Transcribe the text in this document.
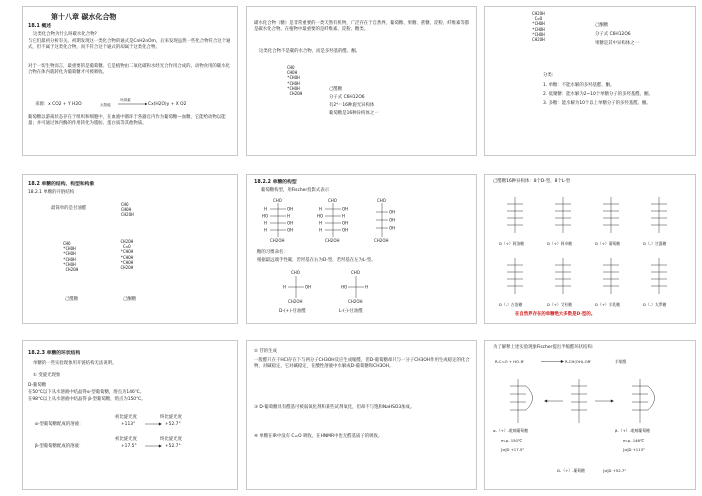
第十八章 碳水化合物
18.1 概述
这类化合物为什么叫碳水化合物?
与它们最初分析有关。初期发现这一类化合物的通式是CnH2nOm，后来发现虽然一些化合物符合这个通式，但不属于这类化合物，而不符合这个通式的却属于这类化合物。
对于一切生物而言，最重要的是葡萄糖。它是植物由二氧化碳和水经光合作用合成的。动物食用的碳水化合物在体内就转化为葡萄糖才可被吸收。
来源：x CO2 + Y H2O
叶绿素
太阳能	Cx(H2O)y + X O2
葡萄糖以游离状态存在于组织和细胞中，在血液中循环于各器官内作为葡萄糖—血糖，它能给动物以能量；并可通过体内酶的作用转化为脂肪、蛋白质等其他物质。
碳水化合物（糖）是非常重要的一类天然有机物，广泛存在于自然界，葡萄糖、果糖、蔗糖、淀粉、纤维素等都是碳水化合物。在植物中最重要的是纤维素、淀粉、糖类。
这类化合物不是碳的水合物，而是多羟基的醛、酮。
CHO
CHOH
*CHOH
*CHOH
*CHOH
CH2OH
己醛糖
分子式 C6H12O6
有2⁴＝16种旋光异构体
葡萄糖是16种异构体之一
CH2OH
C=O
*CHOH
*CHOH
*CHOH
CH2OH
己酮糖
分子式 C6H12O6
果糖是其中异构体之一
分类:
1. 单糖：不能水解的多羟基醛、酮。
2. 低聚糖：能水解为2~10个单糖分子的多羟基醛、酮。
3. 多糖：能水解为10个以上单糖分子的多羟基醛、酮。
18.2 单糖的结构、构型和构象
18.2.1 单糖的开链结构
最简单的是甘油醛
CHO
CHOH
CH2OH
CHO
*CHOH
*CHOH
*CHOH
*CHOH
CH2OH
己醛糖
CH2OH
C=O
*CHOH
*CHOH
*CHOH
CH2OH
己酮糖
18.2.2 单糖的构型
葡萄糖构型，用Fischer投影式表示
CHO
H	OH
HO	H
H	OH
H	OH
CH2OH
CHO
H	OH
HO	H
H	OH
H	OH
CH2OH
CHO
OH
OH
OH
CH2OH
CHO
H	OH
CH2OH
CHO
HO	H
CH2OH
糖的习惯命名：
根据最远端手性碳，若羟基在右为D-型，若羟基在左为L-型。
D-(+)-甘油醛	L-(-)-甘油醛
己醛糖16种异构体：8个D-型，8个L-型
D（+）阿洛糖	D（+）阿卓糖	D（+）葡萄糖	D（-）甘露糖
D（-）古洛糖	D（+）艾杜糖	D（+）半乳糖	D（-）太罗糖
在自然界存在的单糖绝大多数是D-型的。
18.2.3 单糖的环状结构
单糖的一些实验现象用开链结构无法说明。
① 变旋光现象
D-葡萄糖
在50℃以下从水溶液中结晶得α-型葡萄糖，熔点为146℃。
在98℃以上从水溶液中结晶得 β-型葡萄糖，熔点为150℃。
α-型葡萄糖配成的溶液：
初比旋光度	终比旋光度
+113°	+52.7°
β-型葡萄糖配成的溶液：
初比旋光度	终比旋光度
+17.5°	+52.7°
② 苷的生成
一般醛只在干HCl存在下与两分子CH3OH反应生成缩醛，但D-葡萄糖却只与一分子CH3OH作用生成稳定的化合物，对碱稳定，它对碱稳定，在酸性溶液中水解成D-葡萄糖和CH3OH。
③ D-葡萄糖具有醛基可被弱氧化剂和某些试剂氧化，但却不与饱和NaHSO3加成。
④ 单糖在IR中没有 C=O 吸收，在HNMR中也无醛基质子的吸收。
为了解释上述实验现象Fischer提出半缩醛环状结构:
R-C=O + HO-R'	R-CH(OH)-OR'	半缩醛
α-（+）-吡喃葡萄糖	β-（+）-吡喃葡萄糖
m.p. 150℃	m.p. 146℃
[α]D +17.5°	[α]D +113°
D-（+）-葡萄糖	[α]D +52.7°
